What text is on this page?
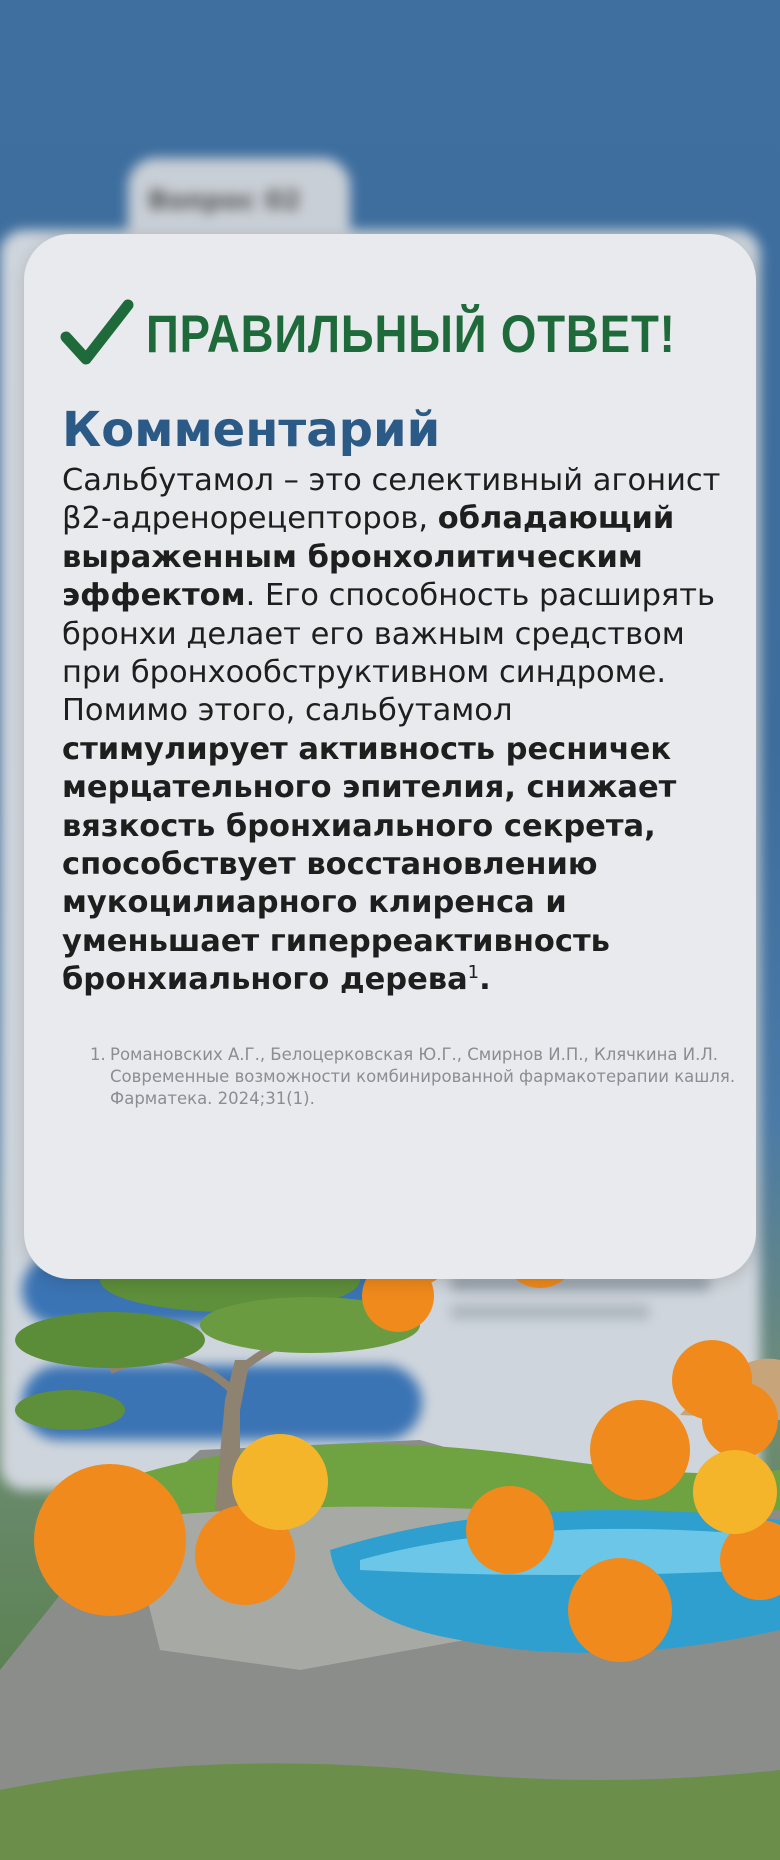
Вопрос 02
ПРАВИЛЬНЫЙ ОТВЕТ!
Комментарий
Сальбутамол – это селективный агонист β2-адренорецепторов, обладающий выраженным бронхолитическим эффектом. Его способность расширять бронхи делает его важным средством при бронхообструктивном синдроме. Помимо этого, сальбутамол стимулирует активность ресничек мерцательного эпителия, снижает вязкость бронхиального секрета, способствует восстановлению мукоцилиарного клиренса и уменьшает гиперреактивность бронхиального дерева$^1$.
1. Романовских А.Г., Белоцерковская Ю.Г., Смирнов И.П., Клячкина И.Л. Современные возможности комбинированной фармакотерапии кашля. Фарматека. 2024;31(1).
